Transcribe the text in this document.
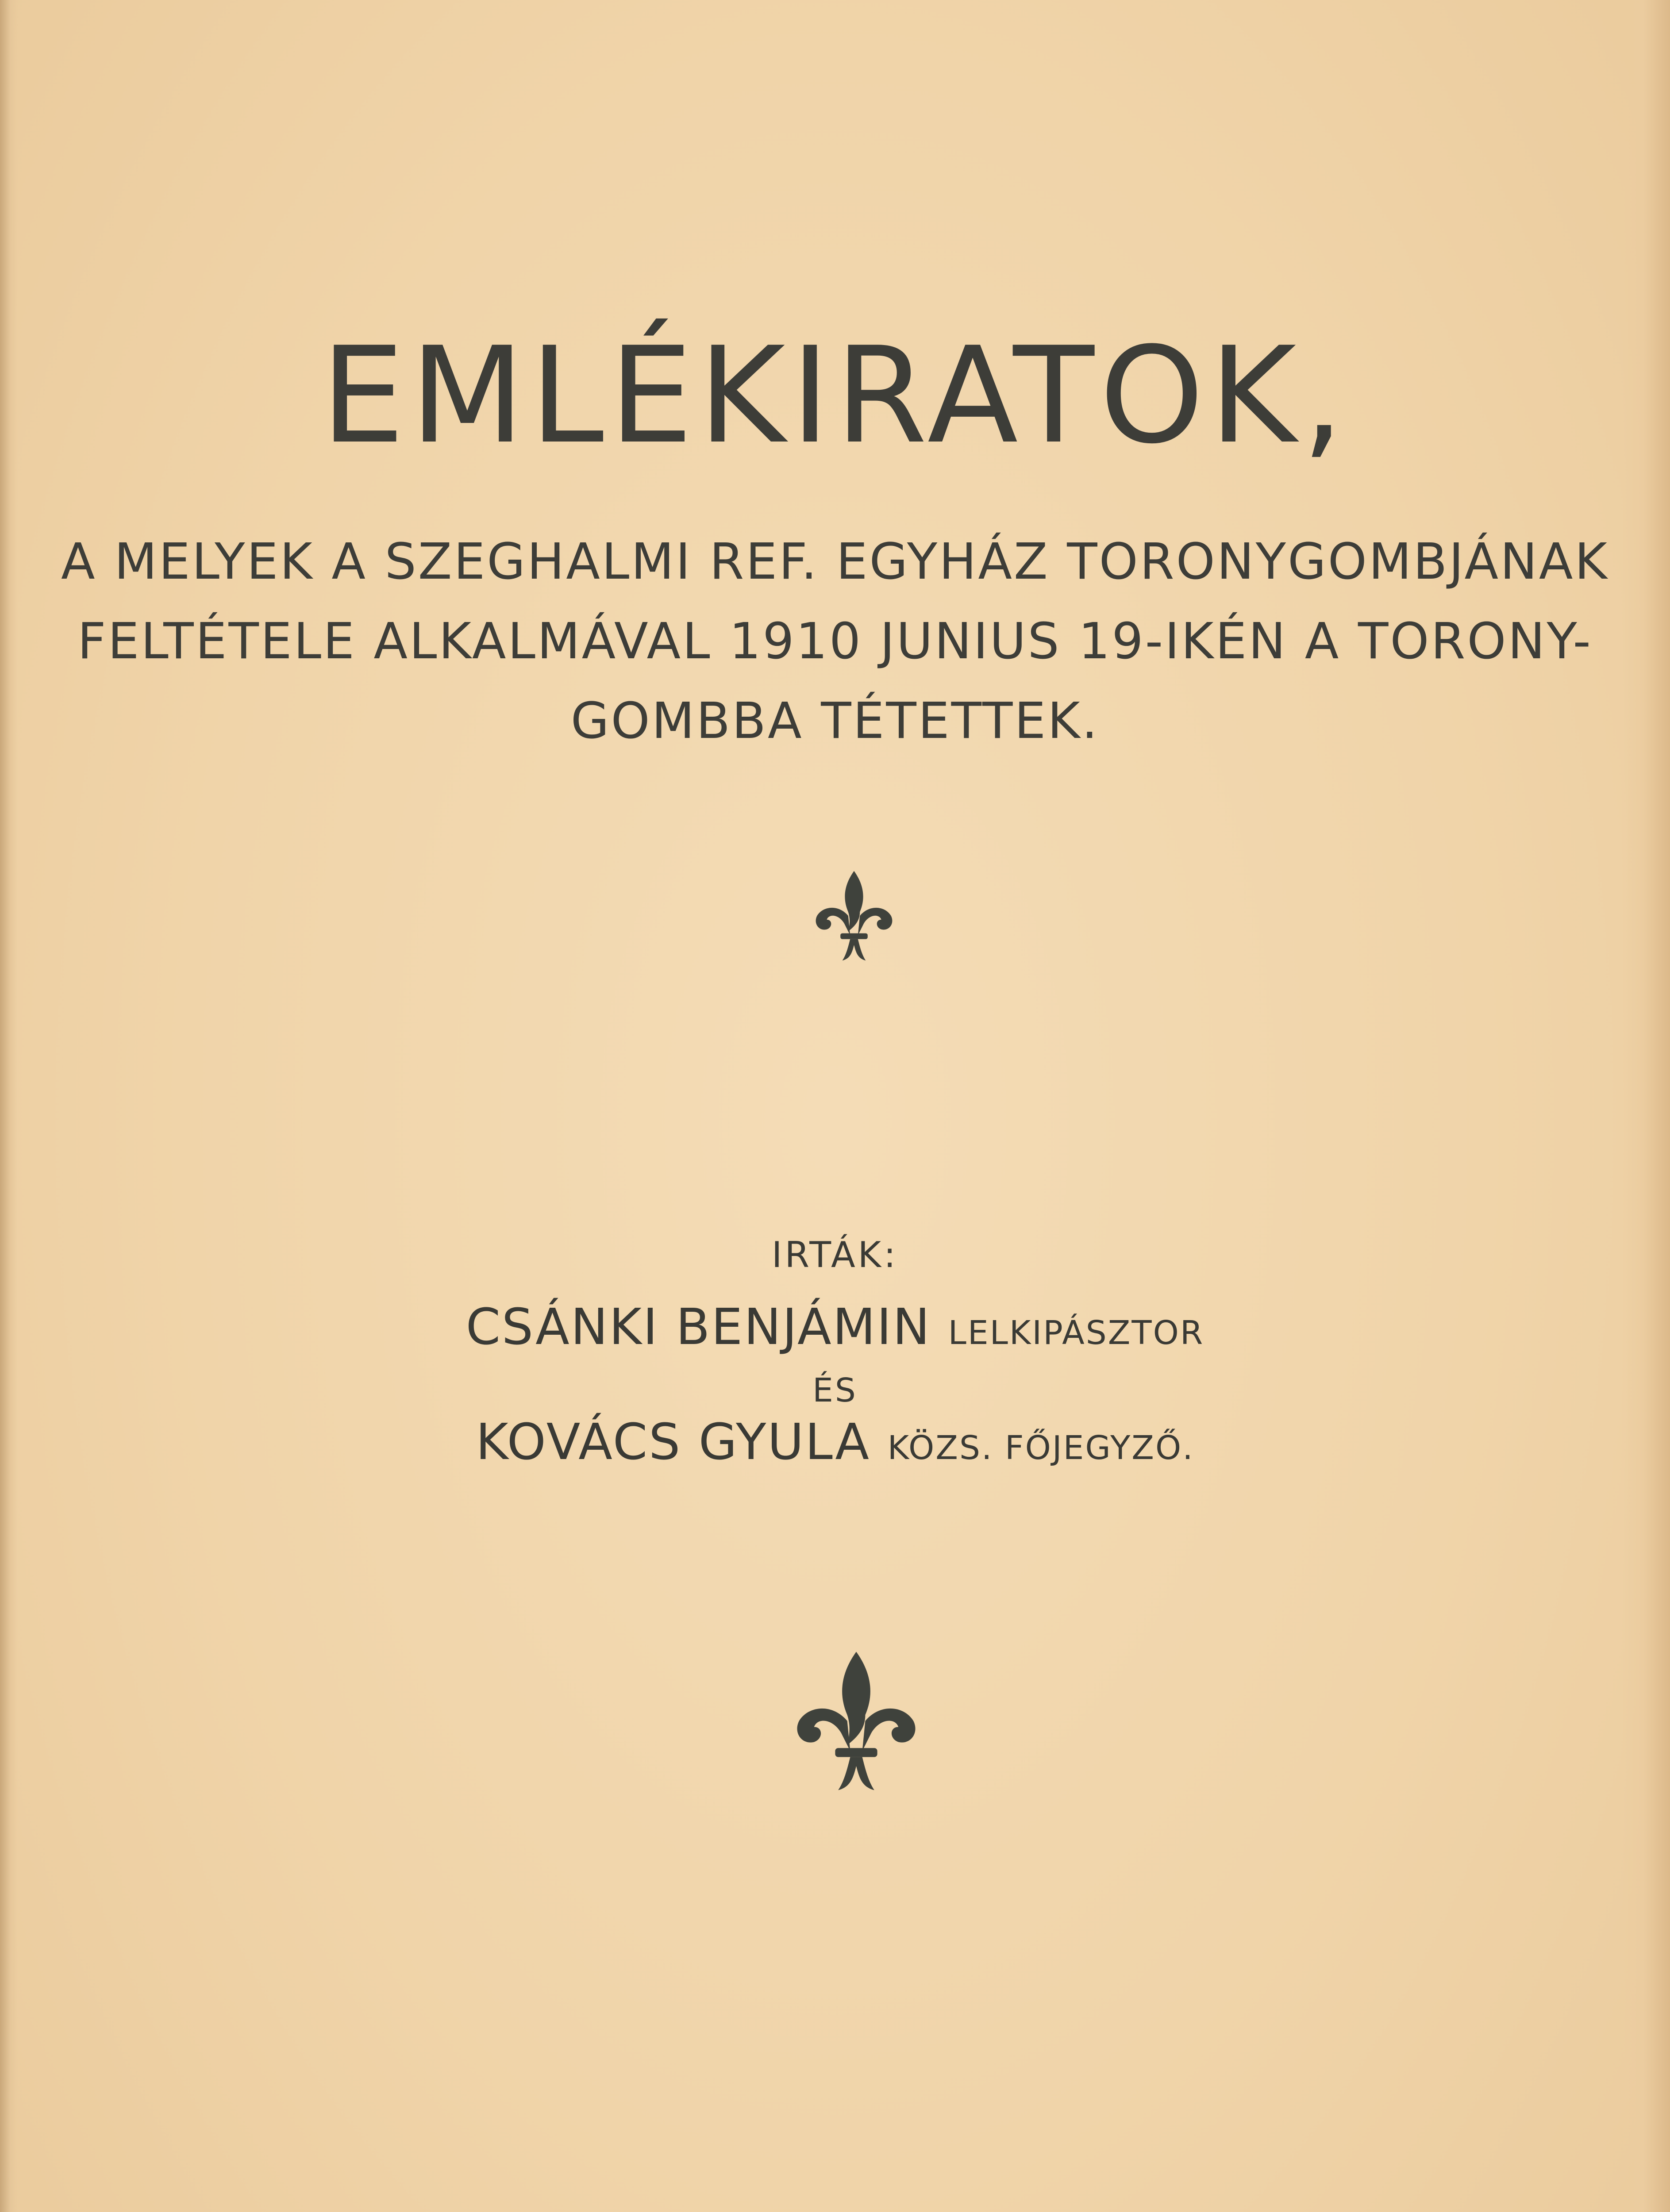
EMLÉKIRATOK,
A MELYEK A SZEGHALMI REF. EGYHÁZ TORONYGOMBJÁNAK
FELTÉTELE ALKALMÁVAL 1910 JUNIUS 19-IKÉN A TORONY-
GOMBBA TÉTETTEK.
IRTÁK:
CSÁNKI BENJÁMIN LELKIPÁSZTOR
ÉS
KOVÁCS GYULA KÖZS. FŐJEGYZŐ.
